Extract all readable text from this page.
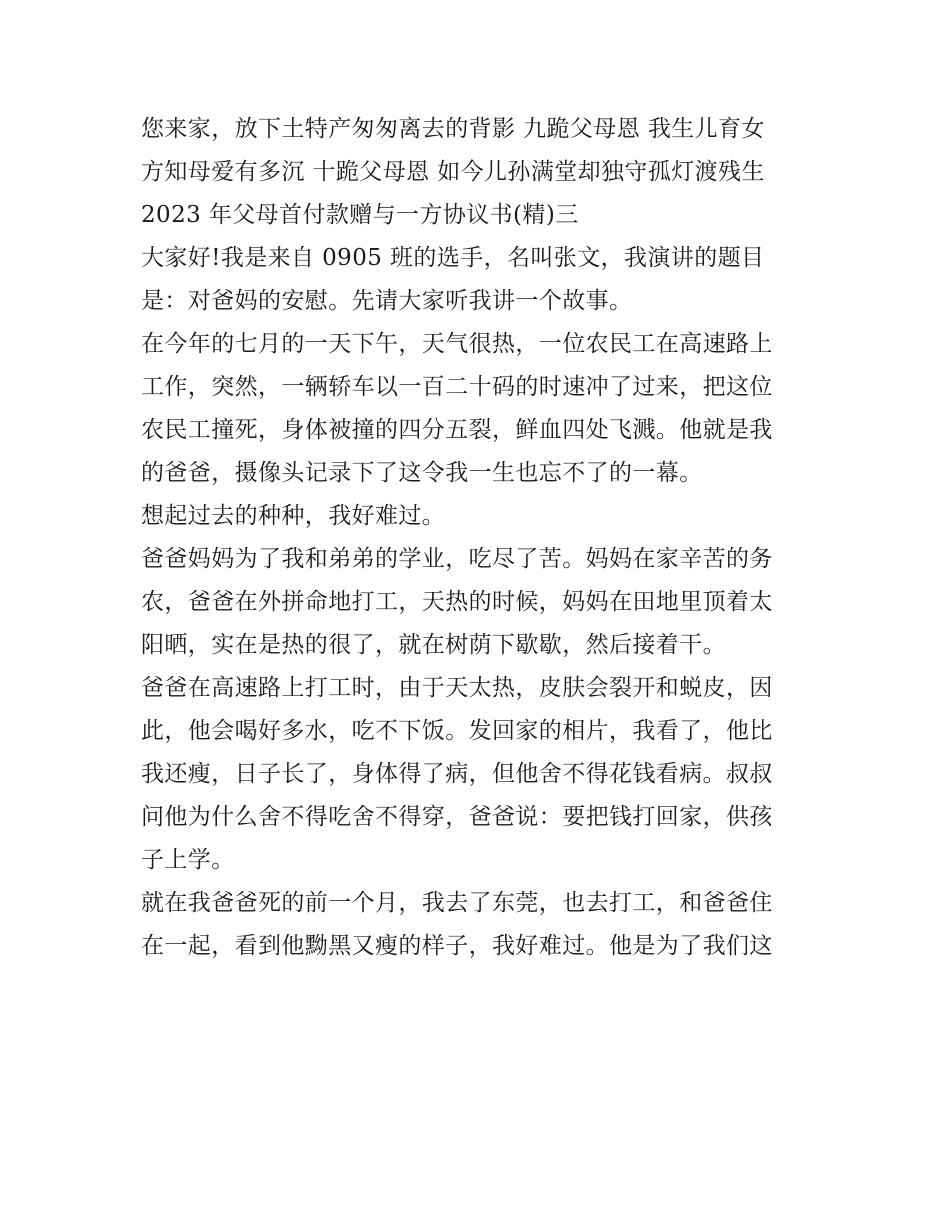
您来家，放下土特产匆匆离去的背影 九跪父母恩 我生儿育女

方知母爱有多沉 十跪父母恩 如今儿孙满堂却独守孤灯渡残生

2023 年父母首付款赠与一方协议书(精)三

大家好!我是来自 0905 班的选手，名叫张文，我演讲的题目

是：对爸妈的安慰。先请大家听我讲一个故事。

在今年的七月的一天下午，天气很热，一位农民工在高速路上

工作，突然，一辆轿车以一百二十码的时速冲了过来，把这位

农民工撞死，身体被撞的四分五裂，鲜血四处飞溅。他就是我

的爸爸，摄像头记录下了这令我一生也忘不了的一幕。

想起过去的种种，我好难过。

爸爸妈妈为了我和弟弟的学业，吃尽了苦。妈妈在家辛苦的务

农，爸爸在外拼命地打工，天热的时候，妈妈在田地里顶着太

阳晒，实在是热的很了，就在树荫下歇歇，然后接着干。

爸爸在高速路上打工时，由于天太热，皮肤会裂开和蜕皮，因

此，他会喝好多水，吃不下饭。发回家的相片，我看了，他比

我还瘦，日子长了，身体得了病，但他舍不得花钱看病。叔叔

问他为什么舍不得吃舍不得穿，爸爸说：要把钱打回家，供孩

子上学。

就在我爸爸死的前一个月，我去了东莞，也去打工，和爸爸住

在一起，看到他黝黑又瘦的样子，我好难过。他是为了我们这
